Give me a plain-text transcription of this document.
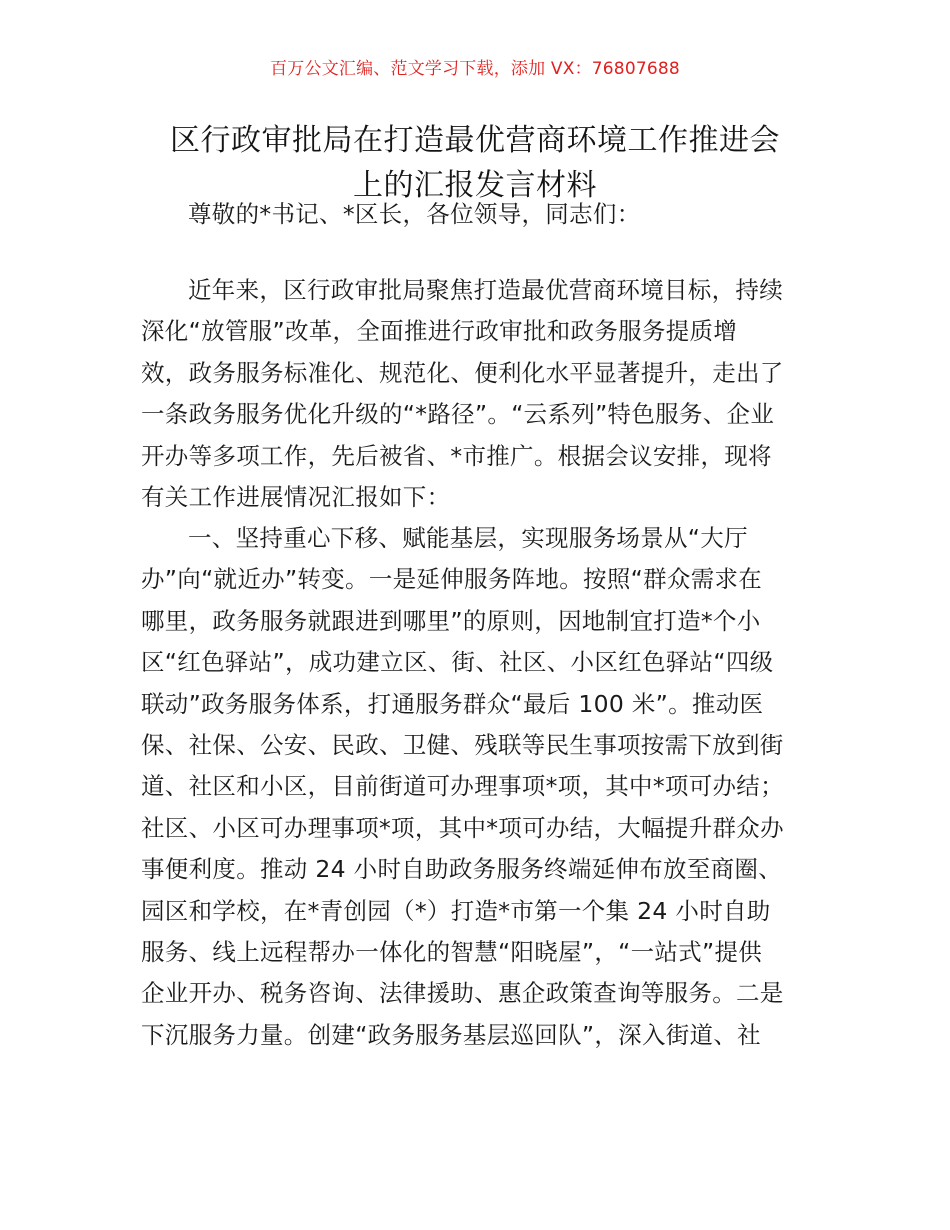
百万公文汇编、范文学习下载，添加 VX：76807688
区行政审批局在打造最优营商环境工作推进会
上的汇报发言材料
尊敬的*书记、*区长，各位领导，同志们：
近年来，区行政审批局聚焦打造最优营商环境目标，持续
深化“放管服”改革，全面推进行政审批和政务服务提质增
效，政务服务标准化、规范化、便利化水平显著提升，走出了
一条政务服务优化升级的“*路径”。“云系列”特色服务、企业
开办等多项工作，先后被省、*市推广。根据会议安排，现将
有关工作进展情况汇报如下：
一、坚持重心下移、赋能基层，实现服务场景从“大厅
办”向“就近办”转变。一是延伸服务阵地。按照“群众需求在
哪里，政务服务就跟进到哪里”的原则，因地制宜打造*个小
区“红色驿站”，成功建立区、街、社区、小区红色驿站“四级
联动”政务服务体系，打通服务群众“最后 100 米”。推动医
保、社保、公安、民政、卫健、残联等民生事项按需下放到街
道、社区和小区，目前街道可办理事项*项，其中*项可办结；
社区、小区可办理事项*项，其中*项可办结，大幅提升群众办
事便利度。推动 24 小时自助政务服务终端延伸布放至商圈、
园区和学校，在*青创园（*）打造*市第一个集 24 小时自助
服务、线上远程帮办一体化的智慧“阳晓屋”，“一站式”提供
企业开办、税务咨询、法律援助、惠企政策查询等服务。二是
下沉服务力量。创建“政务服务基层巡回队”，深入街道、社
